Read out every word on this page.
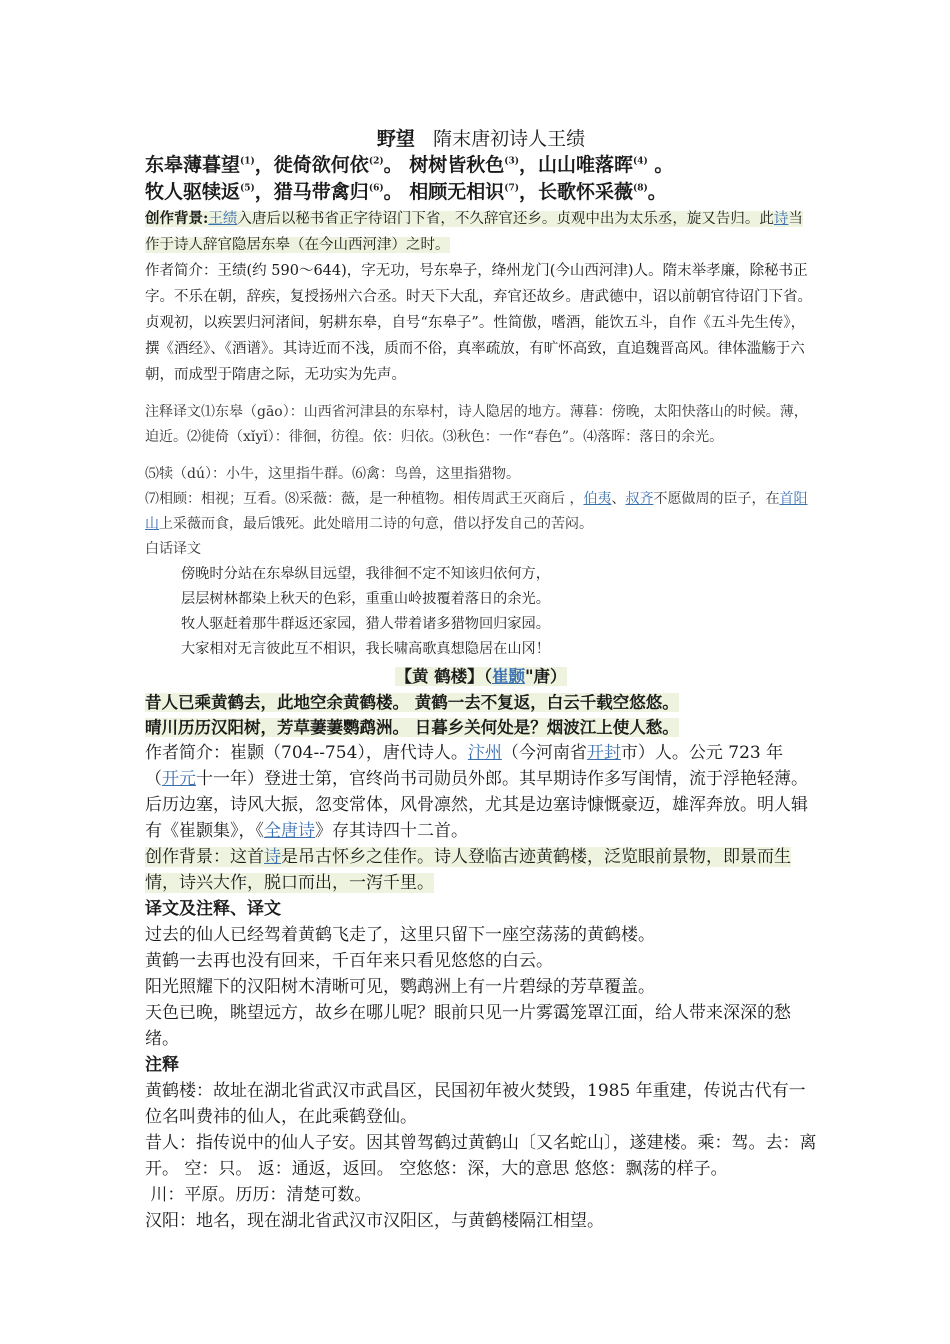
野望 隋末唐初诗人王绩
东皋薄暮望$^{(1)}$，徙倚欲何依$^{(2)}$。 树树皆秋色$^{(3)}$，山山唯落晖$^{(4)}$ 。
牧人驱犊返$^{(5)}$，猎马带禽归$^{(6)}$。 相顾无相识$^{(7)}$，长歌怀采薇$^{(8)}$。
创作背景:王绩入唐后以秘书省正字待诏门下省，不久辞官还乡。贞观中出为太乐丞，旋又告归。此诗当作于诗人辞官隐居东皋（在今山西河津）之时。
作者简介：王绩(约 590～644)，字无功，号东皋子，绛州龙门(今山西河津)人。隋末举孝廉，除秘书正字。不乐在朝，辞疾，复授扬州六合丞。时天下大乱，弃官还故乡。唐武德中，诏以前朝官待诏门下省。贞观初，以疾罢归河渚间，躬耕东皋，自号“东皋子”。性简傲，嗜酒，能饮五斗，自作《五斗先生传》，撰《酒经》、《酒谱》。其诗近而不浅，质而不俗，真率疏放，有旷怀高致，直追魏晋高风。律体滥觞于六朝，而成型于隋唐之际，无功实为先声。
注释译文⑴东皋（gāo）：山西省河津县的东皋村，诗人隐居的地方。薄暮：傍晚，太阳快落山的时候。薄，迫近。⑵徙倚（xǐyǐ）：徘徊，彷徨。依：归依。⑶秋色：一作“春色”。⑷落晖：落日的余光。
⑸犊（dú）：小牛，这里指牛群。⑹禽：鸟兽，这里指猎物。
⑺相顾：相视；互看。⑻采薇：薇，是一种植物。相传周武王灭商后 ，伯夷、叔齐不愿做周的臣子，在首阳山上采薇而食，最后饿死。此处暗用二诗的句意，借以抒发自己的苦闷。
白话译文
傍晚时分站在东皋纵目远望，我徘徊不定不知该归依何方，
层层树林都染上秋天的色彩，重重山岭披覆着落日的余光。
牧人驱赶着那牛群返还家园，猎人带着诸多猎物回归家园。
大家相对无言彼此互不相识，我长啸高歌真想隐居在山冈！
【黄 鹤楼】（崔颢"唐）
昔人已乘黄鹤去，此地空余黄鹤楼。 黄鹤一去不复返，白云千载空悠悠。
晴川历历汉阳树，芳草萋萋鹦鹉洲。 日暮乡关何处是？烟波江上使人愁。
作者简介：崔颢（704--754），唐代诗人。汴州（今河南省开封市）人。公元 723 年（开元十一年）登进士第，官终尚书司勋员外郎。其早期诗作多写闺情，流于浮艳轻薄。后历边塞，诗风大振，忽变常体，风骨凛然，尤其是边塞诗慷慨豪迈，雄浑奔放。明人辑有《崔颢集》，《全唐诗》存其诗四十二首。
创作背景：这首诗是吊古怀乡之佳作。诗人登临古迹黄鹤楼，泛览眼前景物，即景而生情，诗兴大作，脱口而出，一泻千里。
译文及注释、译文
过去的仙人已经驾着黄鹤飞走了，这里只留下一座空荡荡的黄鹤楼。
黄鹤一去再也没有回来，千百年来只看见悠悠的白云。
阳光照耀下的汉阳树木清晰可见，鹦鹉洲上有一片碧绿的芳草覆盖。
天色已晚，眺望远方，故乡在哪儿呢？眼前只见一片雾霭笼罩江面，给人带来深深的愁绪。
注释
黄鹤楼：故址在湖北省武汉市武昌区，民国初年被火焚毁，1985 年重建，传说古代有一位名叫费祎的仙人，在此乘鹤登仙。
昔人：指传说中的仙人子安。因其曾驾鹤过黄鹤山〔又名蛇山〕，遂建楼。乘：驾。去：离开。 空：只。 返：通返，返回。 空悠悠：深，大的意思 悠悠：飘荡的样子。
川：平原。历历：清楚可数。
汉阳：地名，现在湖北省武汉市汉阳区，与黄鹤楼隔江相望。
